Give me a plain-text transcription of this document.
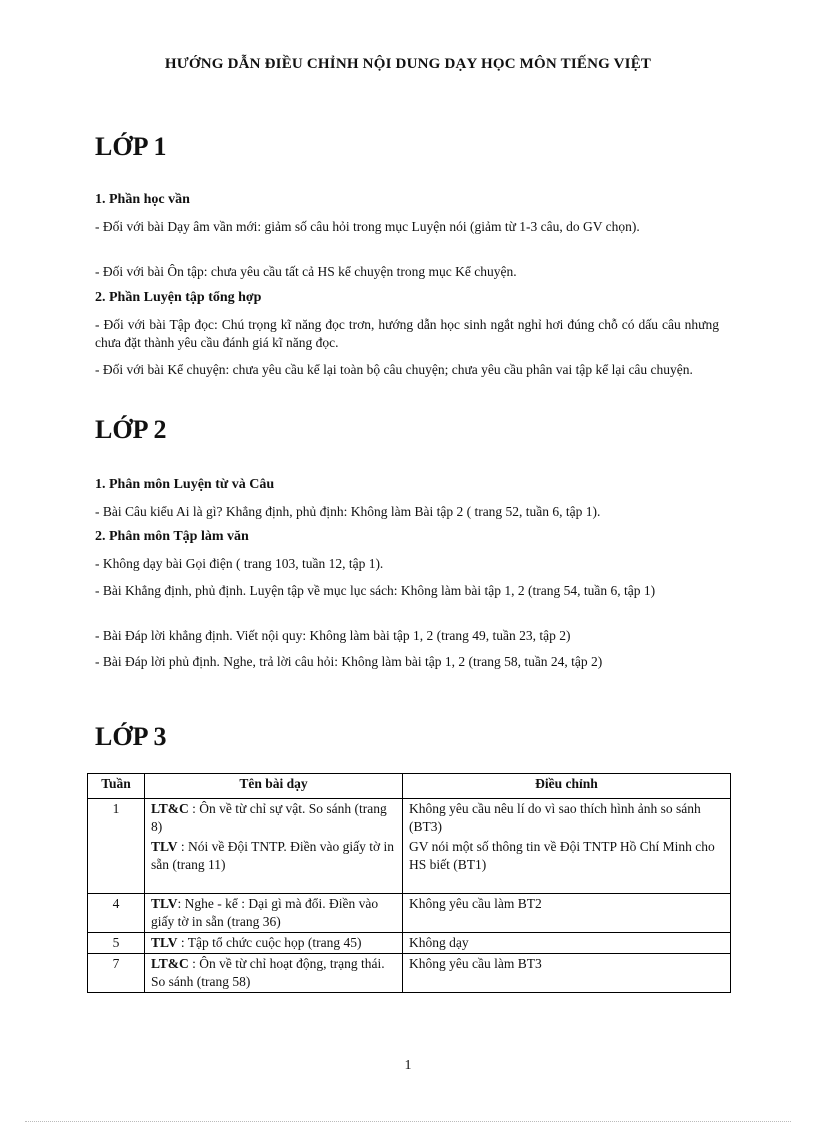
HƯỚNG DẪN ĐIỀU CHỈNH NỘI DUNG DẠY HỌC MÔN TIẾNG VIỆT
LỚP 1
1. Phần học vần
- Đối với bài Dạy âm vần mới: giảm số câu hỏi trong mục Luyện nói (giảm từ 1-3 câu, do GV chọn).
- Đối với bài Ôn tập: chưa yêu cầu tất cả HS kể chuyện trong mục Kể chuyện.
2. Phần Luyện tập tổng hợp
- Đối với bài Tập đọc: Chú trọng kĩ năng đọc trơn, hướng dẫn học sinh ngắt nghỉ hơi đúng chỗ có dấu câu nhưng chưa đặt thành yêu cầu đánh giá kĩ năng đọc.
- Đối với bài Kể chuyện: chưa yêu cầu kể lại toàn bộ câu chuyện; chưa yêu cầu phân vai tập kể lại câu chuyện.
LỚP 2
1. Phân môn Luyện từ và Câu
- Bài Câu kiểu Ai là gì? Khẳng định, phủ định: Không làm Bài tập 2 ( trang 52, tuần 6, tập 1).
2. Phân môn Tập làm văn
- Không dạy bài Gọi điện ( trang 103, tuần 12, tập 1).
- Bài Khẳng định, phủ định. Luyện tập về mục lục sách: Không làm bài tập 1, 2 (trang 54, tuần 6, tập 1)
- Bài Đáp lời khẳng định. Viết nội quy: Không làm bài tập 1, 2 (trang 49, tuần 23, tập 2)
- Bài Đáp lời phủ định. Nghe, trả lời câu hỏi: Không làm bài tập 1, 2 (trang 58, tuần 24, tập 2)
LỚP 3
Tuần	Tên bài dạy	Điều chỉnh
1	LT&C : Ôn về từ chỉ sự vật. So sánh (trang 8)	Không yêu cầu nêu lí do vì sao thích hình ảnh so sánh (BT3)
	TLV : Nói về Đội TNTP. Điền vào giấy tờ in sẵn (trang 11)	GV nói một số thông tin về Đội TNTP Hồ Chí Minh cho HS biết (BT1)
4	TLV: Nghe - kể : Dại gì mà đổi. Điền vào giấy tờ in sẵn (trang 36)	Không yêu cầu làm BT2
5	TLV : Tập tổ chức cuộc họp (trang 45)	Không dạy
7	LT&C : Ôn về từ chỉ hoạt động, trạng thái. So sánh (trang 58)	Không yêu cầu làm BT3
1
